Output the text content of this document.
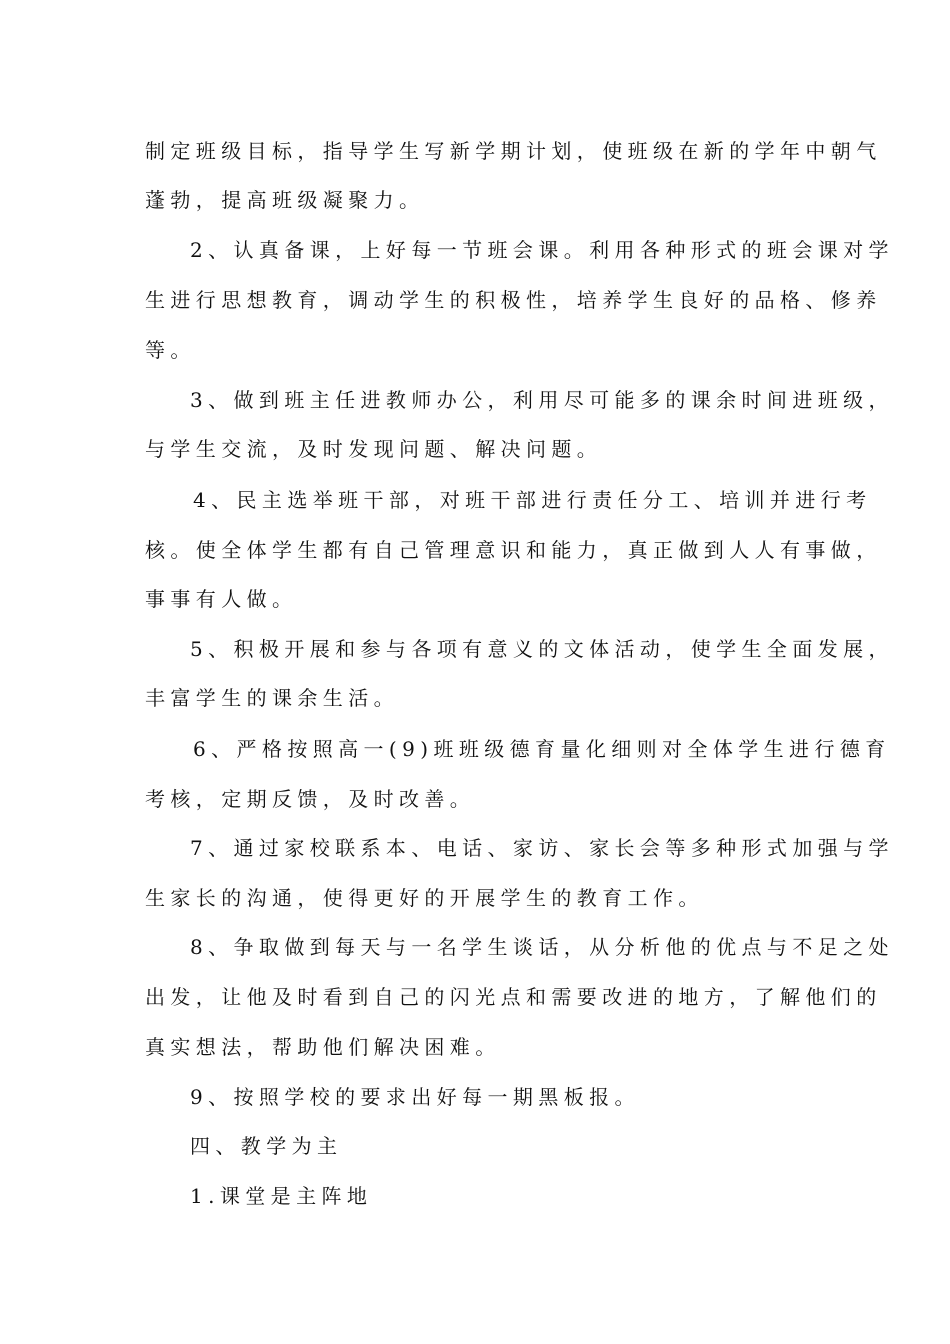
制定班级目标，指导学生写新学期计划，使班级在新的学年中朝气
蓬勃，提高班级凝聚力。
2、认真备课，上好每一节班会课。利用各种形式的班会课对学
生进行思想教育，调动学生的积极性，培养学生良好的品格、修养
等。
3、做到班主任进教师办公，利用尽可能多的课余时间进班级，
与学生交流，及时发现问题、解决问题。
4、民主选举班干部，对班干部进行责任分工、培训并进行考
核。使全体学生都有自己管理意识和能力，真正做到人人有事做，
事事有人做。
5、积极开展和参与各项有意义的文体活动，使学生全面发展，
丰富学生的课余生活。
6、严格按照高一(9)班班级德育量化细则对全体学生进行德育
考核，定期反馈，及时改善。
7、通过家校联系本、电话、家访、家长会等多种形式加强与学
生家长的沟通，使得更好的开展学生的教育工作。
8、争取做到每天与一名学生谈话，从分析他的优点与不足之处
出发，让他及时看到自己的闪光点和需要改进的地方，了解他们的
真实想法，帮助他们解决困难。
9、按照学校的要求出好每一期黑板报。
四、教学为主
1.课堂是主阵地
